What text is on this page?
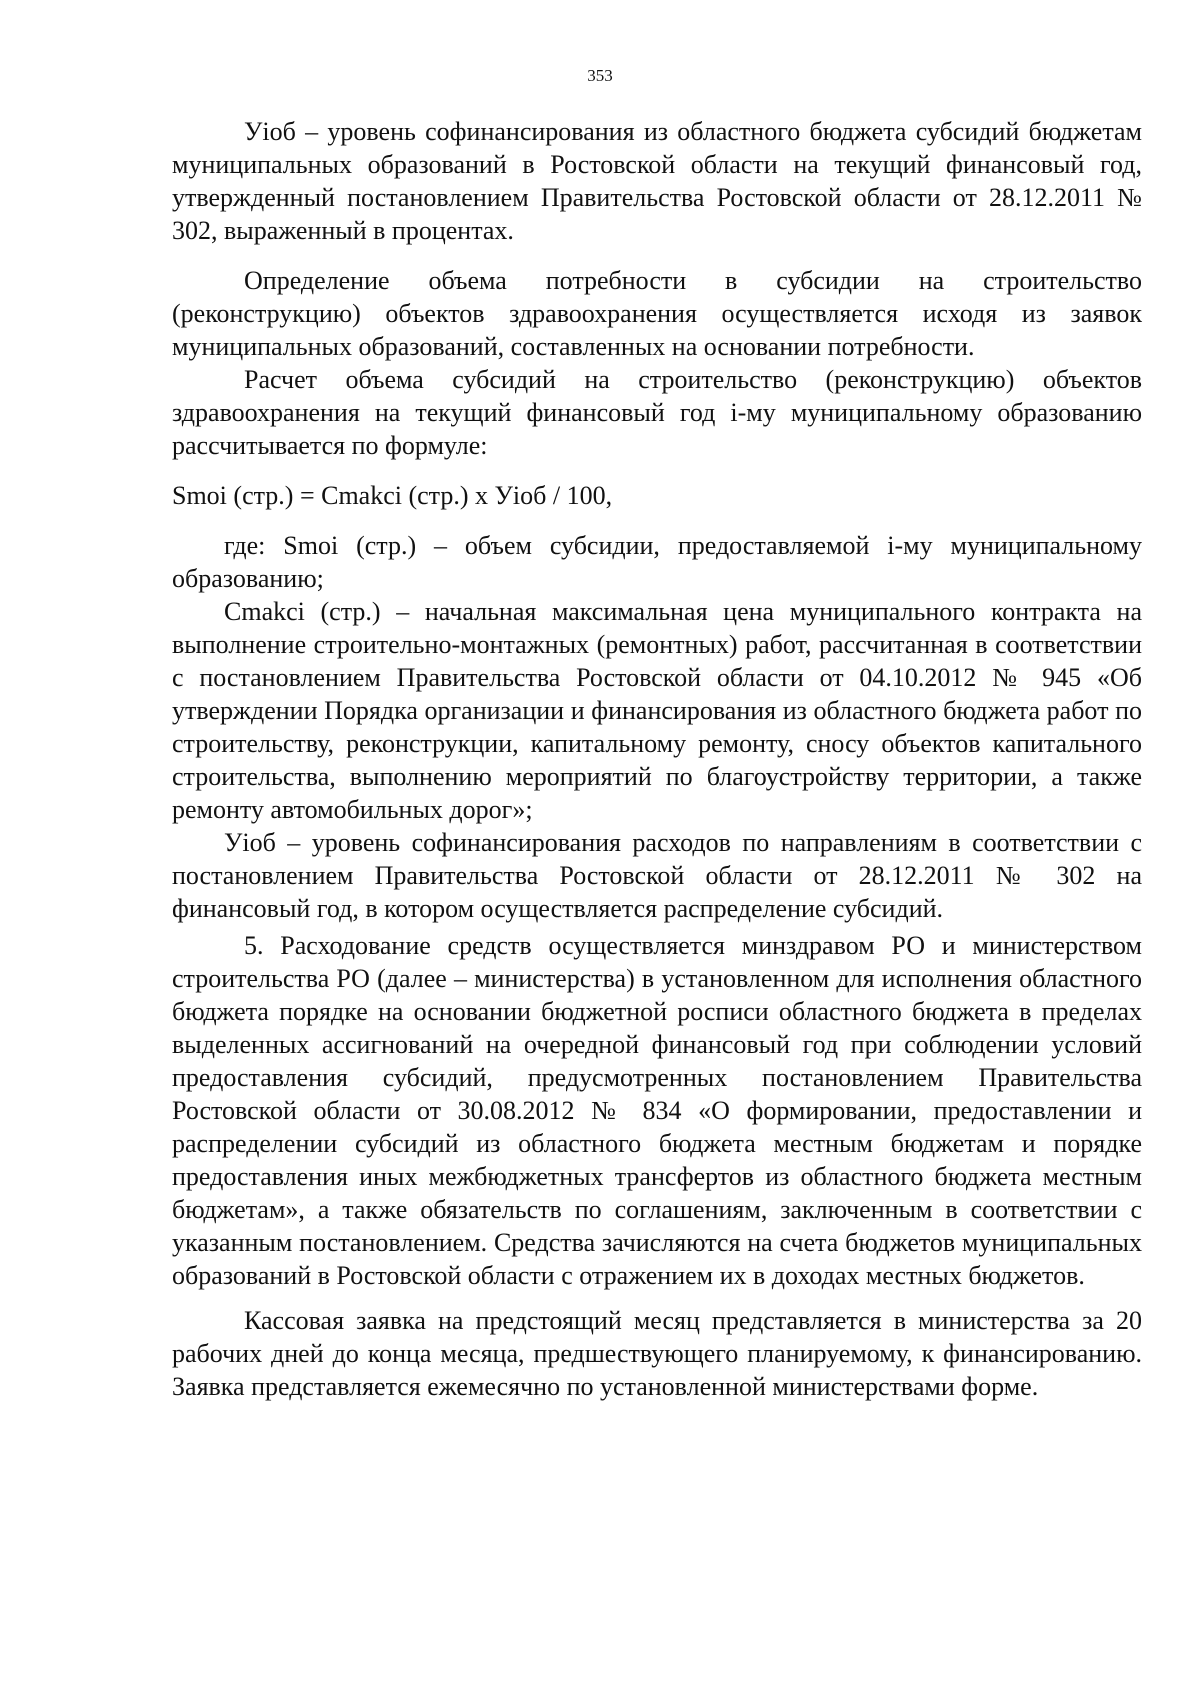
353

Уiоб – уровень софинансирования из областного бюджета субсидий бюджетам муниципальных образований в Ростовской области на текущий финансовый год, утвержденный постановлением Правительства Ростовской области от 28.12.2011 № 302, выраженный в процентах.

Определение объема потребности в субсидии на строительство (реконструкцию) объектов здравоохранения осуществляется исходя из заявок муниципальных образований, составленных на основании потребности.

Расчет объема субсидий на строительство (реконструкцию) объектов здравоохранения на текущий финансовый год i-му муниципальному образованию рассчитывается по формуле:

Smoi (стр.) = Cmakci (стр.) х Уiоб / 100,

где: Smoi (стр.) – объем субсидии, предоставляемой i-му муниципальному образованию;

Cmakci (стр.) – начальная максимальная цена муниципального контракта на выполнение строительно-монтажных (ремонтных) работ, рассчитанная в соответствии с постановлением Правительства Ростовской области от 04.10.2012 № 945 «Об утверждении Порядка организации и финансирования из областного бюджета работ по строительству, реконструкции, капитальному ремонту, сносу объектов капитального строительства, выполнению мероприятий по благоустройству территории, а также ремонту автомобильных дорог»;

Уiоб – уровень софинансирования расходов по направлениям в соответствии с постановлением Правительства Ростовской области от 28.12.2011 № 302 на финансовый год, в котором осуществляется распределение субсидий.

5. Расходование средств осуществляется минздравом РО и министерством строительства РО (далее – министерства) в установленном для исполнения областного бюджета порядке на основании бюджетной росписи областного бюджета в пределах выделенных ассигнований на очередной финансовый год при соблюдении условий предоставления субсидий, предусмотренных постановлением Правительства Ростовской области от 30.08.2012 № 834 «О формировании, предоставлении и распределении субсидий из областного бюджета местным бюджетам и порядке предоставления иных межбюджетных трансфертов из областного бюджета местным бюджетам», а также обязательств по соглашениям, заключенным в соответствии с указанным постановлением. Средства зачисляются на счета бюджетов муниципальных образований в Ростовской области с отражением их в доходах местных бюджетов.

Кассовая заявка на предстоящий месяц представляется в министерства за 20 рабочих дней до конца месяца, предшествующего планируемому, к финансированию. Заявка представляется ежемесячно по установленной министерствами форме.
